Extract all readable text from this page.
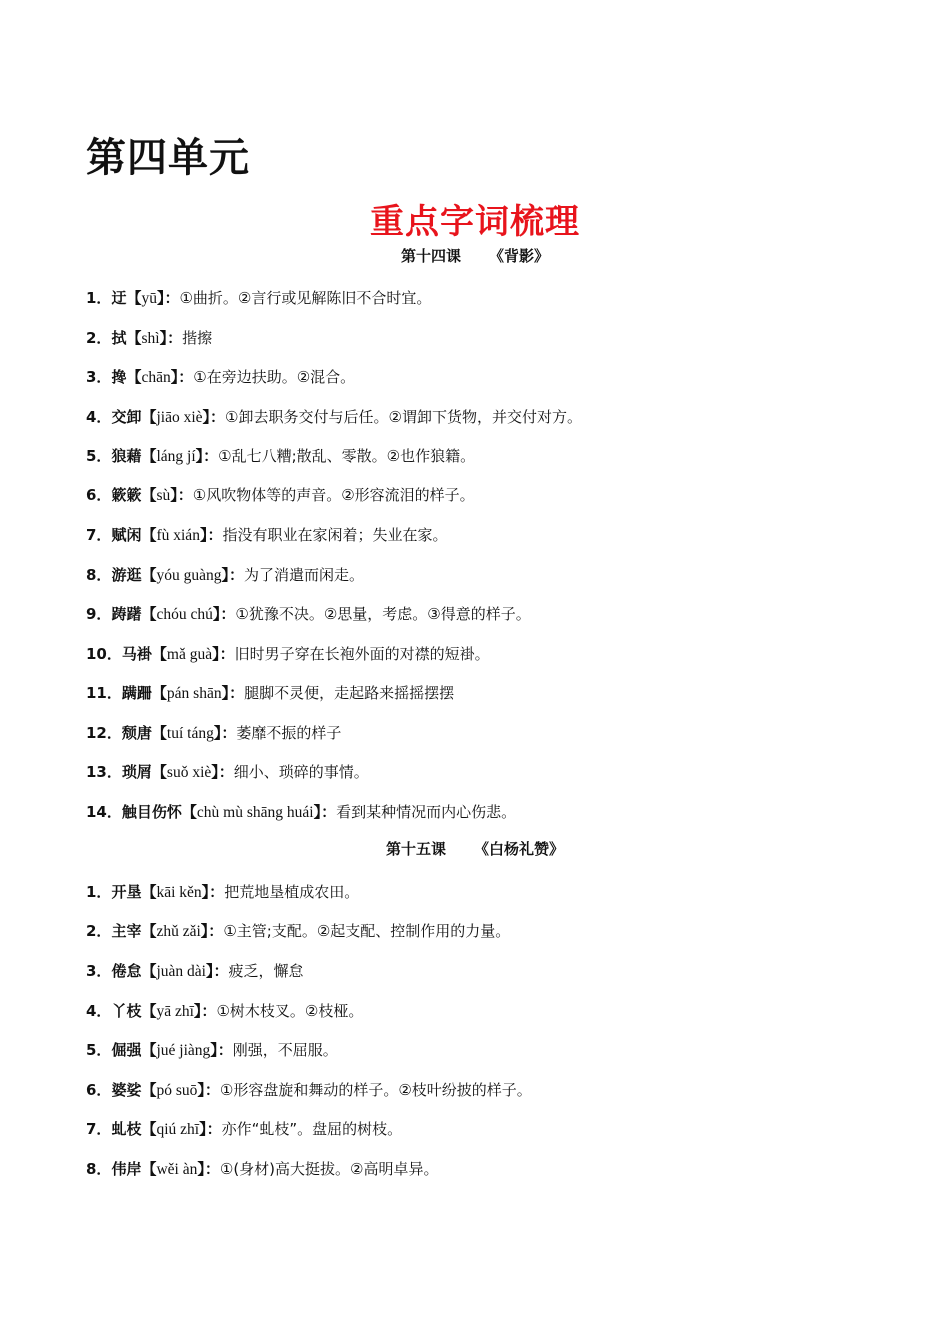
第四单元
重点字词梳理
第十四课 《背影》
1．迂【yū】：①曲折。②言行或见解陈旧不合时宜。
2．拭【shì】：揩擦
3．搀【chān】：①在旁边扶助。②混合。
4．交卸【jiāo xiè】：①卸去职务交付与后任。②谓卸下货物，并交付对方。
5．狼藉【láng jí】：①乱七八糟;散乱、零散。②也作狼籍。
6．簌簌【sù】：①风吹物体等的声音。②形容流泪的样子。
7．赋闲【fù xián】：指没有职业在家闲着；失业在家。
8．游逛【yóu guàng】：为了消遣而闲走。
9．踌躇【chóu chú】：①犹豫不决。②思量，考虑。③得意的样子。
10．马褂【mǎ guà】：旧时男子穿在长袍外面的对襟的短褂。
11．蹒跚【pán shān】：腿脚不灵便，走起路来摇摇摆摆
12．颓唐【tuí táng】：萎靡不振的样子
13．琐屑【suǒ xiè】：细小、琐碎的事情。
14．触目伤怀【chù mù shāng huái】：看到某种情况而内心伤悲。
第十五课 《白杨礼赞》
1．开垦【kāi kěn】：把荒地垦植成农田。
2．主宰【zhǔ zǎi】：①主管;支配。②起支配、控制作用的力量。
3．倦怠【juàn dài】：疲乏，懈怠
4．丫枝【yā zhī】：①树木枝叉。②枝桠。
5．倔强【jué jiàng】：刚强，不屈服。
6．婆娑【pó suō】：①形容盘旋和舞动的样子。②枝叶纷披的样子。
7．虬枝【qiú zhī】：亦作“虬枝”。盘屈的树枝。
8．伟岸【wěi àn】：①(身材)高大挺拔。②高明卓异。
